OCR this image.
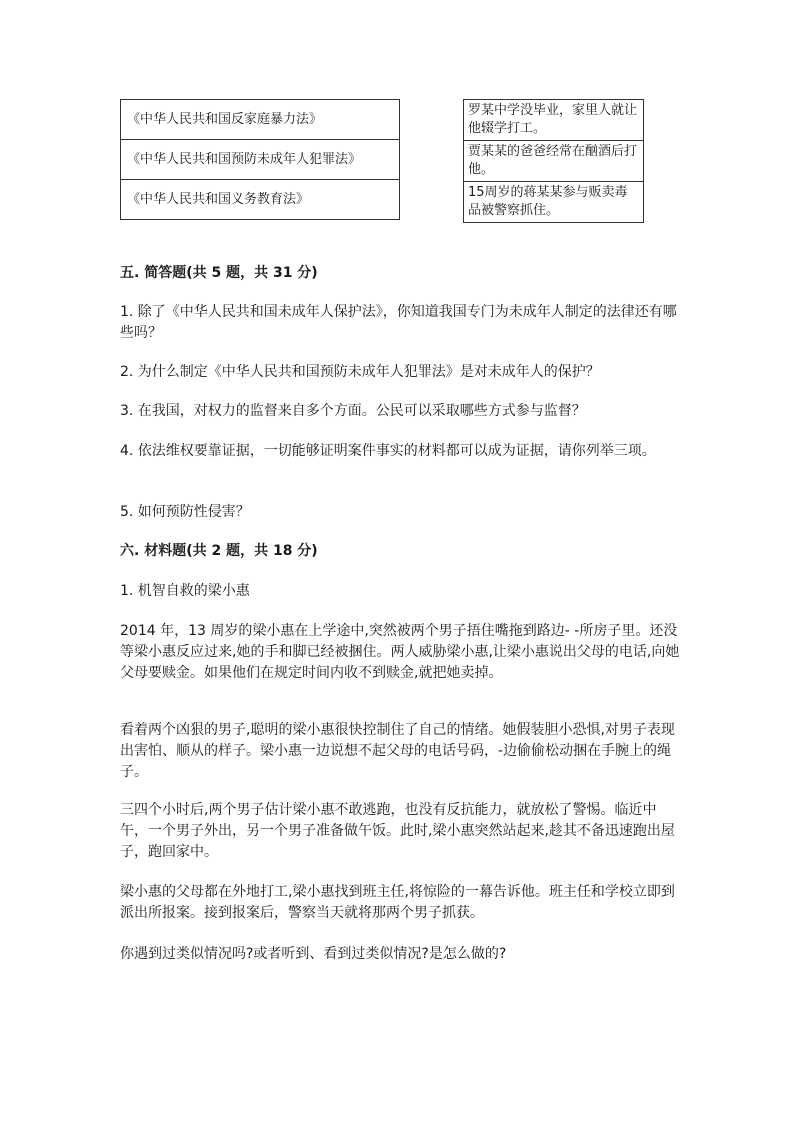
《中华人民共和国反家庭暴力法》
《中华人民共和国预防未成年人犯罪法》
《中华人民共和国义务教育法》
罗某中学没毕业，家里人就让他辍学打工。
贾某某的爸爸经常在酗酒后打他。
15周岁的蒋某某参与贩卖毒品被警察抓住。
五. 简答题(共 5 题，共 31 分)
1. 除了《中华人民共和国未成年人保护法》，你知道我国专门为未成年人制定的法律还有哪些吗？
2. 为什么制定《中华人民共和国预防未成年人犯罪法》是对未成年人的保护？
3. 在我国，对权力的监督来自多个方面。公民可以采取哪些方式参与监督？
4. 依法维权要靠证据，一切能够证明案件事实的材料都可以成为证据，请你列举三项。
5. 如何预防性侵害？
六. 材料题(共 2 题，共 18 分)
1. 机智自救的梁小惠
2014 年，13 周岁的梁小惠在上学途中,突然被两个男子捂住嘴拖到路边- -所房子里。还没等梁小惠反应过来,她的手和脚已经被捆住。两人威胁梁小惠,让梁小惠说出父母的电话,向她父母要赎金。如果他们在规定时间内收不到赎金,就把她卖掉。
看着两个凶狠的男子,聪明的梁小惠很快控制住了自己的情绪。她假装胆小恐惧,对男子表现出害怕、顺从的样子。梁小惠一边说想不起父母的电话号码，-边偷偷松动捆在手腕上的绳子。
三四个小时后,两个男子估计梁小惠不敢逃跑，也没有反抗能力，就放松了警惕。临近中午，一个男子外出，另一个男子准备做午饭。此时,梁小惠突然站起来,趁其不备迅速跑出屋子，跑回家中。
梁小惠的父母都在外地打工,梁小惠找到班主任,将惊险的一幕告诉他。班主任和学校立即到派出所报案。接到报案后，警察当天就将那两个男子抓获。
你遇到过类似情况吗?或者听到、看到过类似情况?是怎么做的?
